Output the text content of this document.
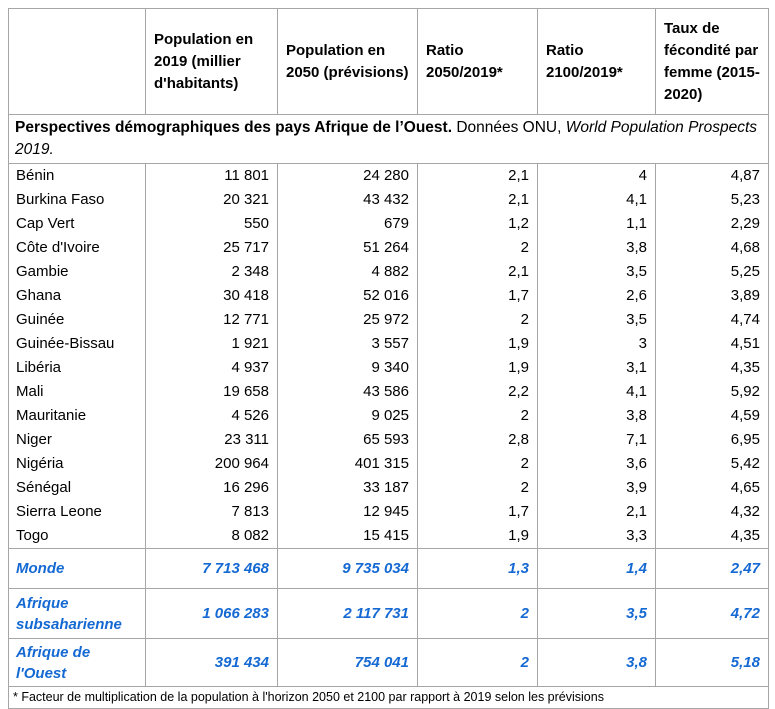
Perspectives démographiques des pays Afrique de l’Ouest. Données ONU, World Population Prospects 2019.					
	Population en 2019 (millier d'habitants)	Population en 2050 (prévisions)	Ratio 2050/2019*	Ratio 2100/2019*	Taux de fécondité par femme (2015-2020)
Bénin	11 801	24 280	2,1	4	4,87
Burkina Faso	20 321	43 432	2,1	4,1	5,23
Cap Vert	550	679	1,2	1,1	2,29
Côte d'Ivoire	25 717	51 264	2	3,8	4,68
Gambie	2 348	4 882	2,1	3,5	5,25
Ghana	30 418	52 016	1,7	2,6	3,89
Guinée	12 771	25 972	2	3,5	4,74
Guinée-Bissau	1 921	3 557	1,9	3	4,51
Libéria	4 937	9 340	1,9	3,1	4,35
Mali	19 658	43 586	2,2	4,1	5,92
Mauritanie	4 526	9 025	2	3,8	4,59
Niger	23 311	65 593	2,8	7,1	6,95
Nigéria	200 964	401 315	2	3,6	5,42
Sénégal	16 296	33 187	2	3,9	4,65
Sierra Leone	7 813	12 945	1,7	2,1	4,32
Togo	8 082	15 415	1,9	3,3	4,35
Monde	7 713 468	9 735 034	1,3	1,4	2,47
Afrique subsaharienne	1 066 283	2 117 731	2	3,5	4,72
Afrique de l'Ouest	391 434	754 041	2	3,8	5,18
* Facteur de multiplication de la population à l'horizon 2050 et 2100 par rapport à 2019 selon les prévisions					
